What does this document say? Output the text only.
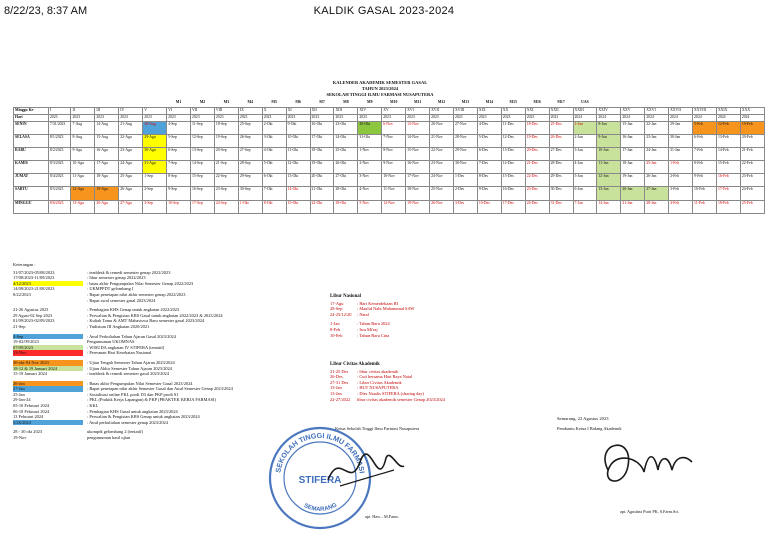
8/22/23, 8:37 AM	KALDIK GASAL 2023-2024
KALENDER AKADEMIK SEMESTER GASAL
TAHUN 2023/2024
SEKOLAH TINGGI ILMU FARMASI NUSAPUTERA
						M1	M2	M3	M4	M5	M6	M7	M8	M9	M10	M11	M12	M13	M14	M15	M16	M17	UAS							
Minggu Ke-	I	II	III	IV	V	VI	VII	VIII	IX	X	XI	XII	XIII	XIV	XV	XVI	XVII	XVIII	XIX	XX	XXI	XXII	XXIII	XXIV	XXV	XXVI	XXVII	XXVIII	XXIX	XXX
Hari	2023	2023	2023	2023	2023	2023	2023	2023	2023	2023	2023	2023	2023	2023	2023	2023	2023	2023	2023	2023	2023	2023	2024	2024	2024	2024	2024	2024	2024	2024
SENIN	7/31/2023	7-Aug	14-Aug	21-Aug	28-Aug	4-Sep	11-Sep	18-Sep	25-Sep	2-Okt	9-Okt	16-Okt	23-Okt	30-Okt	6-Nov	13-Nov	20-Nov	27-Nov	4-Des	11-Des	18-Des	25-Des	1-Jan	8-Jan	15-Jan	22-Jan	29-Jan	5-Feb	12-Feb	19-Feb
SELASA	8/1/2023	8-Aug	15-Aug	22-Agu	29-Agu	5-Sep	12-Sep	19-Sep	26-Sep	3-Okt	10-Okt	17-Okt	24-Okt	31-Okt	7-Nov	14-Nov	21-Nov	28-Nov	5-Des	12-Des	19-Des	26-Des	2-Jan	9-Jan	16-Jan	23-Jan	30-Jan	6-Feb	13-Feb	20-Feb
RABU	8/2/2023	9-Agu	16-Agu	23-Agu	30-Agu	6-Sep	13-Sep	20-Sep	27-Sep	4-Okt	11-Okt	18-Okt	25-Okt	1-Nov	8-Nov	15-Nov	22-Nov	29-Nov	6-Des	13-Des	20-Des	27-Des	3-Jan	10-Jan	17-Jan	24-Jan	31-Jan	7-Feb	14-Feb	21-Feb
KAMIS	8/3/2023	10-Agu	17-Agu	24-Agu	31-Agu	7-Sep	14-Sep	21-Sep	28-Sep	5-Okt	12-Okt	19-Okt	26-Okt	2-Nov	9-Nov	16-Nov	23-Nov	30-Nov	7-Des	14-Des	21-Des	28-Des	4-Jan	11-Jan	18-Jan	25-Jan	1-Feb	8-Feb	15-Feb	22-Feb
JUMAT	8/4/2023	11-Agu	18-Agu	25-Agu	1-Sep	8-Sep	15-Sep	22-Sep	29-Sep	6-Okt	13-Okt	20-Okt	27-Okt	3-Nov	10-Nov	17-Nov	24-Nov	1-Des	8-Des	15-Des	22-Des	29-Des	5-Jan	12-Jan	19-Jan	26-Jan	2-Feb	9-Feb	16-Feb	23-Feb
SABTU	8/5/2023	12-Agu	19-Agu	26-Agu	2-Sep	9-Sep	16-Sep	23-Sep	30-Sep	7-Okt	14-Okt	21-Okt	28-Okt	4-Nov	11-Nov	18-Nov	25-Nov	2-Des	9-Des	16-Des	23-Des	30-Des	6-Jan	13-Jan	20-Jan	27-Jan	3-Feb	10-Feb	17-Feb	24-Feb
MINGGU	8/6/2023	13-Agu	20-Agu	27-Agu	3-Sep	10-Sep	17-Sep	24-Sep	1-Okt	8-Okt	15-Okt	22-Okt	29-Okt	5-Nov	12-Nov	19-Nov	26-Nov	3-Des	10-Des	17-Des	24-Des	31-Des	7-Jan	14-Jan	21-Jan	28-Jan	4-Feb	11-Feb	18-Feb	25-Feb
Keterangan :
31/07/2023-05/08/2023	: teaddesk & remedi semester genap 2022/2023
17/08/2023-11/09/2023	: libur semester genap 2022/2023
4/12/2023	: batas akhir Pengumpulan Nilai Semester Genap 2022/2023
14/08/2023-21/08/2023	: UKMPPDT gelombang I
8/22/2023	: Rapat penetapan nilai akhir semester genap 2022/2023
: Rapat awal semester gasal 2023/2024
21-26 Agustus 2023	: Pembagian KHS Genap untuk angkatan 2022/2023
29 Agust-02 Sep 2023	: Perwalian & Pengisian KRS Gasal untuk angkatan 2022/2023 & 2023/2024
01/09/2023-02/09/2023	: Kuliah Tamu & AMT Mahasiswa Baru semester gasal 2023/2024
21-Sep	: Yudisium III Angkatan 2020/2021
4-Sep	: Awal Perkuliahan Tahun Ajaran Gasal 2023/2024
19-02/09/2023	Pengumuman UKOMNAS
07/09/2023	: WISUDA angkatan IV STIFERA (tentatif)
13-Nov	: Peresman Hari Kesehatan Nasional
30-okt-04 Nov 2023	: Ujian Tengah Semester Tahun Ajaran 2023/2024
18-12 & 19 Januari 2024	: Ujian Akhir Semester Tahun Ajaran 2023/2024
15-19 Januari 2024	: teaddesk & remedi semester gasal 2023/2024
26-Jan	: Batas akhir Pengumpulan Nilai Semester Gasal 2023/2024
27-Jan	: Rapat penetapan nilai akhir Semester Gasal dan Awal Semester Genap 2023/2024
25-Jan	: Sosialisasi online PKL prodi D3 dan PKP prodi S1
29-Jan-24	: PKL (Praktik Kerja Lapangan) & PKP (PRAKTEK KERJA FARMASI)
05-10 Februari 2024	: KKL
06-10 Februari 2024	: Pembagian KHS Gasal untuk angkatan 2023/2024
13 Februari 2024	: Perwalian & Pengisian KRS Genap untuk angkatan 2023/2024
5/26/2024	: Awal perkuliahan semester genap 2023/2024
28 - 30 okt 2023	ukompdt gelombang 2 (tentatif)
19-Nov	pengumuman hasil ujian
Libur Nasional
17-Agu	: Hari Kemerdekaan RI
28-Sep	: Maulid Nabi Muhammad SAW
24-25/12/20	: Natal
1-Jan	: Tahun Baru 2024
8-Feb	: Isra Mi'raj
10-Feb	: Tahun Baru Cina
Libur Civitas Akademik
21-25 Des	: libur civitas akademik
26-Des	: Cuti bersama Hari Raya Natal
27-31 Des	: Libur Civitas Akademik
13-Jan	: HUT NUSAPUTERA
13-Jan	: Dies Natalis STIFERA (sharing day)
22-27/2022	libur civitas akademik semester Genap 2023/2024
Semarang, 22 Agustus 2023
Ketua Sekolah Tinggi Ilmu Farmasi Nusaputera	Pembantu Ketua I Bidang Akademik
SEKOLAH TINGGI ILMU FARMASI
STIFERA
SEMARANG
apt. Haw... M.Farm.
apt. Agustina Putri PK, S.Farm.Sci.
